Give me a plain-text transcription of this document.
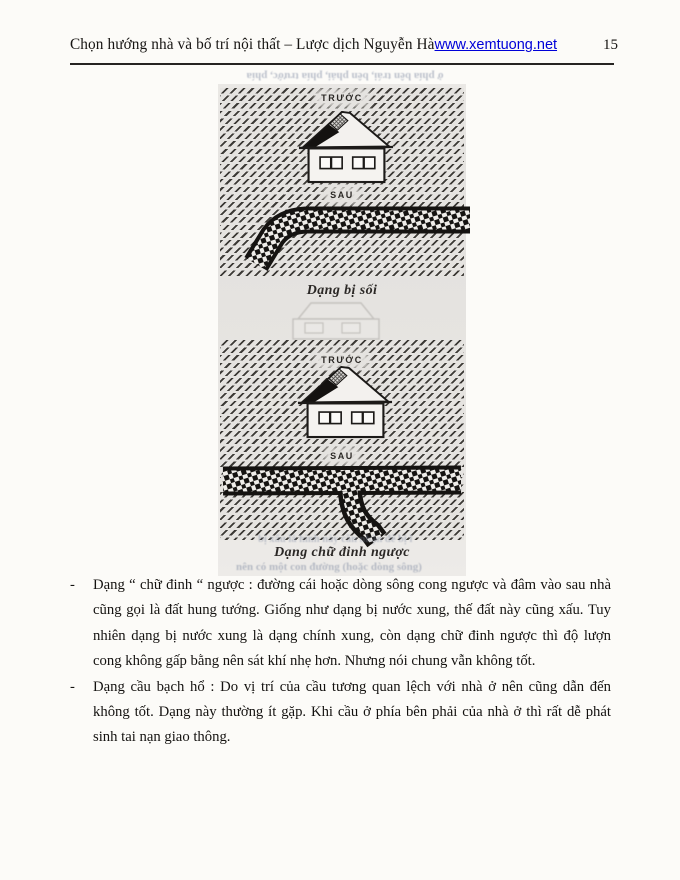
Chọn hướng nhà và bố trí nội thất – Lược dịch Nguyễn Hà www.xemtuong.net	15
ở phía bên trái, bên phải, phía trước, phía
TRƯỚC
SAU
Dạng bị sối
TRƯỚC
SAU
bị xấu là hình này cần nhận để bị l
Dạng chữ đinh ngược
nên có một con đường (hoặc dòng sông)
-	Dạng “ chữ đinh “ ngược : đường cái hoặc dòng sông cong ngược và đâm vào sau nhà cũng gọi là đất hung tướng. Giống như dạng bị nước xung, thế đất này cũng xấu. Tuy nhiên dạng bị nước xung là dạng chính xung, còn dạng chữ đinh ngược thì độ lượn cong không gấp bằng nên sát khí nhẹ hơn. Nhưng nói chung vẫn không tốt.
-	Dạng cầu bạch hổ : Do vị trí của cầu tương quan lệch với nhà ở nên cũng dẫn đến không tốt. Dạng này thường ít gặp. Khi cầu ở phía bên phải của nhà ở thì rất dễ phát sinh tai nạn giao thông.
